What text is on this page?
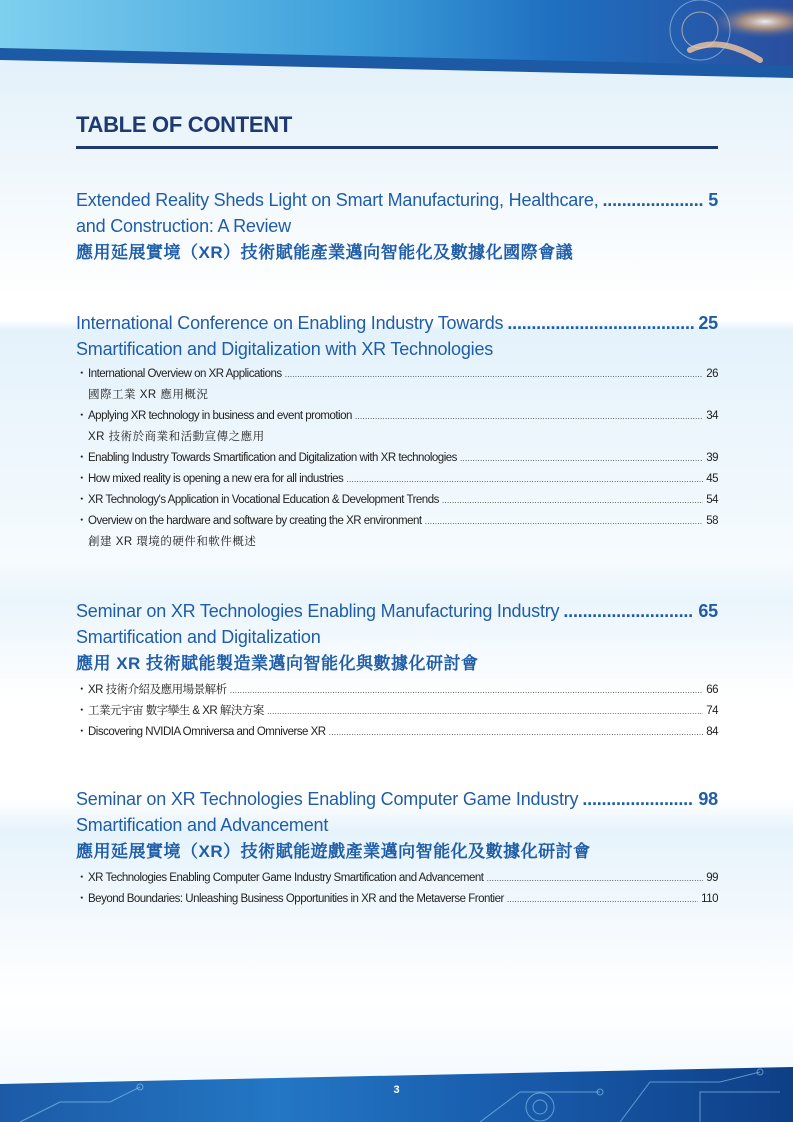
TABLE OF CONTENT
Extended Reality Sheds Light on Smart Manufacturing, Healthcare, .....	5
and Construction: A Review
應用延展實境（XR）技術賦能產業邁向智能化及數據化國際會議
International Conference on Enabling Industry Towards .....	25
Smartification and Digitalization with XR Technologies
・ International Overview on XR Applications .....	26
國際工業 XR 應用概況
・ Applying XR technology in business and event promotion .....	34
XR 技術於商業和活動宣傳之應用
・ Enabling Industry Towards Smartification and Digitalization with XR technologies .....	39
・ How mixed reality is opening a new era for all industries .....	45
・ XR Technology's Application in Vocational Education & Development Trends .....	54
・ Overview on the hardware and software by creating the XR environment .....	58
創建 XR 環境的硬件和軟件概述
Seminar on XR Technologies Enabling Manufacturing Industry .....	65
Smartification and Digitalization
應用 XR 技術賦能製造業邁向智能化與數據化研討會
・ XR 技術介紹及應用場景解析 .....	66
・ 工業元宇宙 數字孿生 & XR 解決方案 .....	74
・ Discovering NVIDIA Omniversa and Omniverse XR .....	84
Seminar on XR Technologies Enabling Computer Game Industry .....	98
Smartification and Advancement
應用延展實境（XR）技術賦能遊戲產業邁向智能化及數據化研討會
・ XR Technologies Enabling Computer Game Industry Smartification and Advancement .....	99
・ Beyond Boundaries: Unleashing Business Opportunities in XR and the Metaverse Frontier .....	110
3
